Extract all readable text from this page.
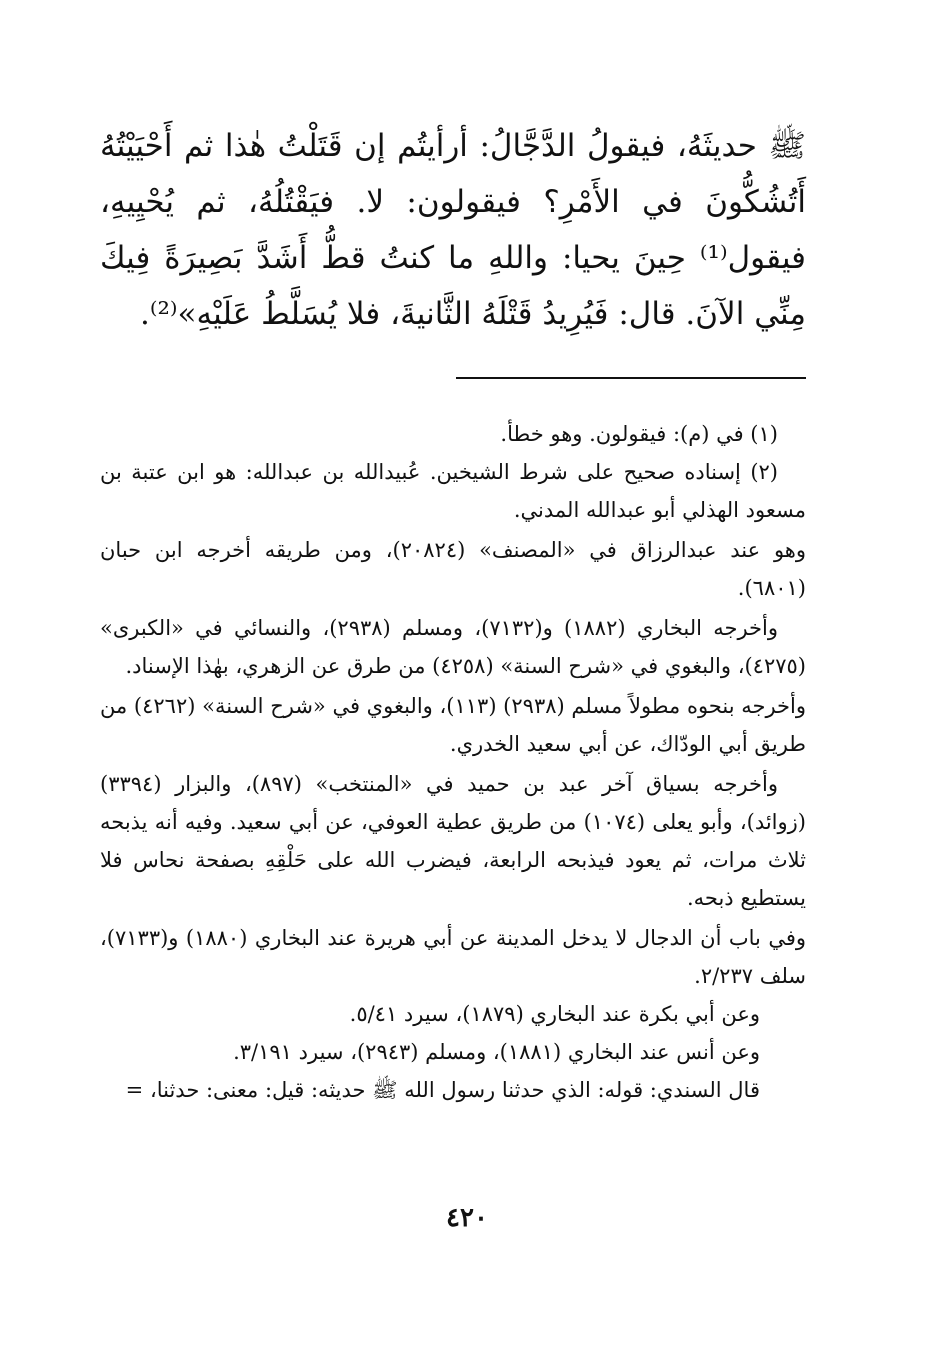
ﷺ حديثَهُ، فيقولُ الدَّجَّالُ: أرأيتُم إن قَتَلْتُ هٰذا ثم أَحْيَيْتُهُ أَتُشُكُّونَ في الأَمْرِ؟ فيقولون: لا. فيَقْتُلُهُ، ثم يُحْيِيهِ، فيقول⁽¹⁾ حِينَ يحيا: واللهِ ما كنتُ قطُّ أَشَدَّ بَصِيرَةً فِيكَ مِنِّي الآنَ. قال: فَيُرِيدُ قَتْلَهُ الثَّانيةَ، فلا يُسَلَّطُ عَلَيْهِ»⁽²⁾.

(١) في (م): فيقولون. وهو خطأ.

(٢) إسناده صحيح على شرط الشيخين. عُبيدالله بن عبدالله: هو ابن عتبة بن مسعود الهذلي أبو عبدالله المدني.

وهو عند عبدالرزاق في «المصنف» (٢٠٨٢٤)، ومن طريقه أخرجه ابن حبان (٦٨٠١).

وأخرجه البخاري (١٨٨٢) و(٧١٣٢)، ومسلم (٢٩٣٨)، والنسائي في «الكبرى» (٤٢٧٥)، والبغوي في «شرح السنة» (٤٢٥٨) من طرق عن الزهري، بهٰذا الإسناد.

وأخرجه بنحوه مطولاً مسلم (٢٩٣٨) (١١٣)، والبغوي في «شرح السنة» (٤٢٦٢) من طريق أبي الودّاك، عن أبي سعيد الخدري.

وأخرجه بسياق آخر عبد بن حميد في «المنتخب» (٨٩٧)، والبزار (٣٣٩٤) (زوائد)، وأبو يعلى (١٠٧٤) من طريق عطية العوفي، عن أبي سعيد. وفيه أنه يذبحه ثلاث مرات، ثم يعود فيذبحه الرابعة، فيضرب الله على حَلْقِهِ بصفحة نحاس فلا يستطيع ذبحه.

وفي باب أن الدجال لا يدخل المدينة عن أبي هريرة عند البخاري (١٨٨٠) و(٧١٣٣)، سلف ٢/٢٣٧.

وعن أبي بكرة عند البخاري (١٨٧٩)، سيرد ٥/٤١.

وعن أنس عند البخاري (١٨٨١)، ومسلم (٢٩٤٣)، سيرد ٣/١٩١.

قال السندي: قوله: الذي حدثنا رسول الله ﷺ حديثه: قيل: معنى: حدثنا، =

٤٢٠
